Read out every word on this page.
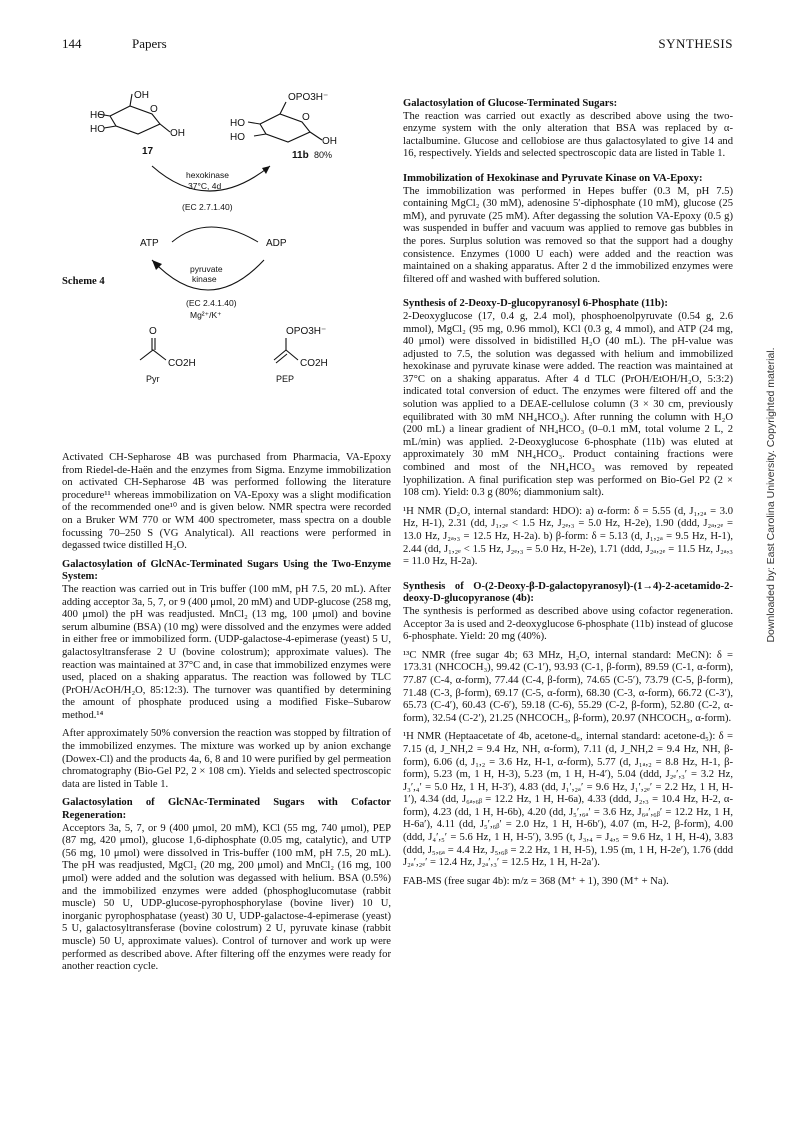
144	Papers	SYNTHESIS
OH
HO
HO
O
OH
17
OPO3H⁻
HO
HO
O
OH
11b 80%
hexokinase
37°C, 4d
(EC 2.7.1.40)
ATP	ADP
pyruvate
kinase
(EC 2.4.1.40)
Mg²⁺/K⁺
O
CO2H
Pyr
OPO3H⁻
CO2H
PEP
Scheme 4

Activated CH-Sepharose 4B was purchased from Pharmacia, VA-Epoxy from Riedel-de-Haën and the enzymes from Sigma. Enzyme immobilization on activated CH-Sepharose 4B was performed following the literature procedure¹¹ whereas immobilization on VA-Epoxy was a slight modification of the recommended one¹⁰ and is given below. NMR spectra were recorded on a Bruker WM 770 or WM 400 spectrometer, mass spectra on a double focussing 70–250 S (VG Analytical). All reactions were performed in degassed twice distilled H₂O.

Galactosylation of GlcNAc-Terminated Sugars Using the Two-Enzyme System:

The reaction was carried out in Tris buffer (100 mM, pH 7.5, 20 mL). After adding acceptor 3a, 5, 7, or 9 (400 μmol, 20 mM) and UDP-glucose (258 mg, 400 μmol) the pH was readjusted. MnCl₂ (13 mg, 100 μmol) and bovine serum albumine (BSA) (10 mg) were dissolved and the enzymes were added in either free or immobilized form. (UDP-galactose-4-epimerase (yeast) 5 U, galactosyltransferase 2 U (bovine colostrum); approximate values). The reaction was maintained at 37°C and, in case that immobilized enzymes were used, placed on a shaking apparatus. The reaction was followed by TLC (PrOH/AcOH/H₂O, 85:12:3). The turnover was quantified by determining the amount of phosphate produced using a modified Fiske–Subarow method.¹⁴

After approximately 50% conversion the reaction was stopped by filtration of the immobilized enzymes. The mixture was worked up by anion exchange (Dowex-Cl) and the products 4a, 6, 8 and 10 were purified by gel permeation chromatography (Bio-Gel P2, 2 × 108 cm). Yields and selected spectroscopic data are listed in Table 1.

Galactosylation of GlcNAc-Terminated Sugars with Cofactor Regeneration:

Acceptors 3a, 5, 7, or 9 (400 μmol, 20 mM), KCl (55 mg, 740 μmol), PEP (87 mg, 420 μmol), glucose 1,6-diphosphate (0.05 mg, catalytic), and UTP (56 mg, 10 μmol) were dissolved in Tris-buffer (100 mM, pH 7.5, 20 mL). The pH was readjusted, MgCl₂ (20 mg, 200 μmol) and MnCl₂ (16 mg, 100 μmol) were added and the solution was degassed with helium. BSA (0.5%) and the immobilized enzymes were added (phosphoglucomutase (rabbit muscle) 50 U, UDP-glucose-pyrophosphorylase (bovine liver) 10 U, inorganic pyrophosphatase (yeast) 30 U, UDP-galactose-4-epimerase (yeast) 5 U, galactosyltransferase (bovine colostrum) 2 U, pyruvate kinase (rabbit muscle) 50 U, approximate values). Control of turnover and work up were performed as described above. After filtering off the enzymes were ready for another reaction cycle.

Galactosylation of Glucose-Terminated Sugars:

The reaction was carried out exactly as described above using the two-enzyme system with the only alteration that BSA was replaced by α-lactalbumine. Glucose and cellobiose are thus galactosylated to give 14 and 16, respectively. Yields and selected spectroscopic data are listed in Table 1.

Immobilization of Hexokinase and Pyruvate Kinase on VA-Epoxy:

The immobilization was performed in Hepes buffer (0.3 M, pH 7.5) containing MgCl₂ (30 mM), adenosine 5′-diphosphate (10 mM), glucose (25 mM), and pyruvate (25 mM). After degassing the solution VA-Epoxy (0.5 g) was suspended in buffer and vacuum was applied to remove gas bubbles in the pores. Surplus solution was removed so that the support had a doughy consistence. Enzymes (1000 U each) were added and the reaction was maintained on a shaking apparatus. After 2 d the immobilized enzymes were filtered off and washed with buffered solution.

Synthesis of 2-Deoxy-D-glucopyranosyl 6-Phosphate (11b):

2-Deoxyglucose (17, 0.4 g, 2.4 mol), phosphoenolpyruvate (0.54 g, 2.6 mmol), MgCl₂ (95 mg, 0.96 mmol), KCl (0.3 g, 4 mmol), and ATP (24 mg, 40 μmol) were dissolved in bidistilled H₂O (40 mL). The pH-value was adjusted to 7.5, the solution was degassed with helium and immobilized hexokinase and pyruvate kinase were added. The reaction was maintained at 37°C on a shaking apparatus. After 4 d TLC (PrOH/EtOH/H₂O, 5:3:2) indicated total conversion of educt. The enzymes were filtered off and the solution was applied to a DEAE-cellulose column (3 × 30 cm, previously equilibrated with 30 mM NH₄HCO₃). After running the column with H₂O (200 mL) a linear gradient of NH₄HCO₃ (0–0.1 mM, total volume 2 L, 2 mL/min) was applied. 2-Deoxyglucose 6-phosphate (11b) was eluted at approximately 30 mM NH₄HCO₃. Product containing fractions were combined and most of the NH₄HCO₃ was removed by repeated lyophilization. A final purification step was performed on Bio-Gel P2 (2 × 108 cm). Yield: 0.3 g (80%; diammonium salt).

¹H NMR (D₂O, internal standard: HDO): a) α-form: δ = 5.55 (d, J₁,₂ₐ = 3.0 Hz, H-1), 2.31 (dd, J₁,₂ₑ < 1.5 Hz, J₂ₑ,₃ = 5.0 Hz, H-2e), 1.90 (ddd, J₂ₐ,₂ₑ = 13.0 Hz, J₂ₐ,₃ = 12.5 Hz, H-2a). b) β-form: δ = 5.13 (d, J₁,₂ₐ = 9.5 Hz, H-1), 2.44 (dd, J₁,₂ₑ < 1.5 Hz, J₂ₑ,₃ = 5.0 Hz, H-2e), 1.71 (ddd, J₂ₐ,₂ₑ = 11.5 Hz, J₂ₐ,₃ = 11.0 Hz, H-2a).

Synthesis of O-(2-Deoxy-β-D-galactopyranosyl)-(1→4)-2-acetamido-2-deoxy-D-glucopyranose (4b):

The synthesis is performed as described above using cofactor regeneration. Acceptor 3a is used and 2-deoxyglucose 6-phosphate (11b) instead of glucose 6-phosphate. Yield: 20 mg (40%).

¹³C NMR (free sugar 4b; 63 MHz, H₂O, internal standard: MeCN): δ = 173.31 (NHCOCH₃), 99.42 (C-1′), 93.93 (C-1, β-form), 89.59 (C-1, α-form), 77.87 (C-4, α-form), 77.44 (C-4, β-form), 74.65 (C-5′), 73.79 (C-5, β-form), 71.48 (C-3, β-form), 69.17 (C-5, α-form), 68.30 (C-3, α-form), 66.72 (C-3′), 65.73 (C-4′), 60.43 (C-6′), 59.18 (C-6), 55.29 (C-2, β-form), 52.80 (C-2, α-form), 32.54 (C-2′), 21.25 (NHCOCH₃, β-form), 20.97 (NHCOCH₃, α-form).

¹H NMR (Heptaacetate of 4b, acetone-d₆, internal standard: acetone-d₅): δ = 7.15 (d, J_NH,2 = 9.4 Hz, NH, α-form), 7.11 (d, J_NH,2 = 9.4 Hz, NH, β-form), 6.06 (d, J₁,₂ = 3.6 Hz, H-1, α-form), 5.77 (d, J₁ₐ,₂ = 8.8 Hz, H-1, β-form), 5.23 (m, 1 H, H-3), 5.23 (m, 1 H, H-4′), 5.04 (ddd, J₂ₑ′,₃′ = 3.2 Hz, J₃′,₄′ = 5.0 Hz, 1 H, H-3′), 4.83 (dd, J₁′,₂ₐ′ = 9.6 Hz, J₁′,₂ₑ′ = 2.2 Hz, 1 H, H-1′), 4.34 (dd, J₆ₐ,₆ᵦ = 12.2 Hz, 1 H, H-6a), 4.33 (ddd, J₂,₃ = 10.4 Hz, H-2, α-form), 4.23 (dd, 1 H, H-6b), 4.20 (dd, J₅′,₆ₐ′ = 3.6 Hz, J₆ₐ′,₆ᵦ′ = 12.2 Hz, 1 H, H-6a′), 4.11 (dd, J₅′,₆ᵦ′ = 2.0 Hz, 1 H, H-6b′), 4.07 (m, H-2, β-form), 4.00 (ddd, J₄′,₅′ = 5.6 Hz, 1 H, H-5′), 3.95 (t, J₃,₄ = J₄,₅ = 9.6 Hz, 1 H, H-4), 3.83 (ddd, J₅,₆ₐ = 4.4 Hz, J₅,₆ᵦ = 2.2 Hz, 1 H, H-5), 1.95 (m, 1 H, H-2e′), 1.76 (ddd J₂ₐ′,₂ₑ′ = 12.4 Hz, J₂ₐ′,₃′ = 12.5 Hz, 1 H, H-2a′).

FAB-MS (free sugar 4b): m/z = 368 (M⁺ + 1), 390 (M⁺ + Na).

Downloaded by: East Carolina University. Copyrighted material.
